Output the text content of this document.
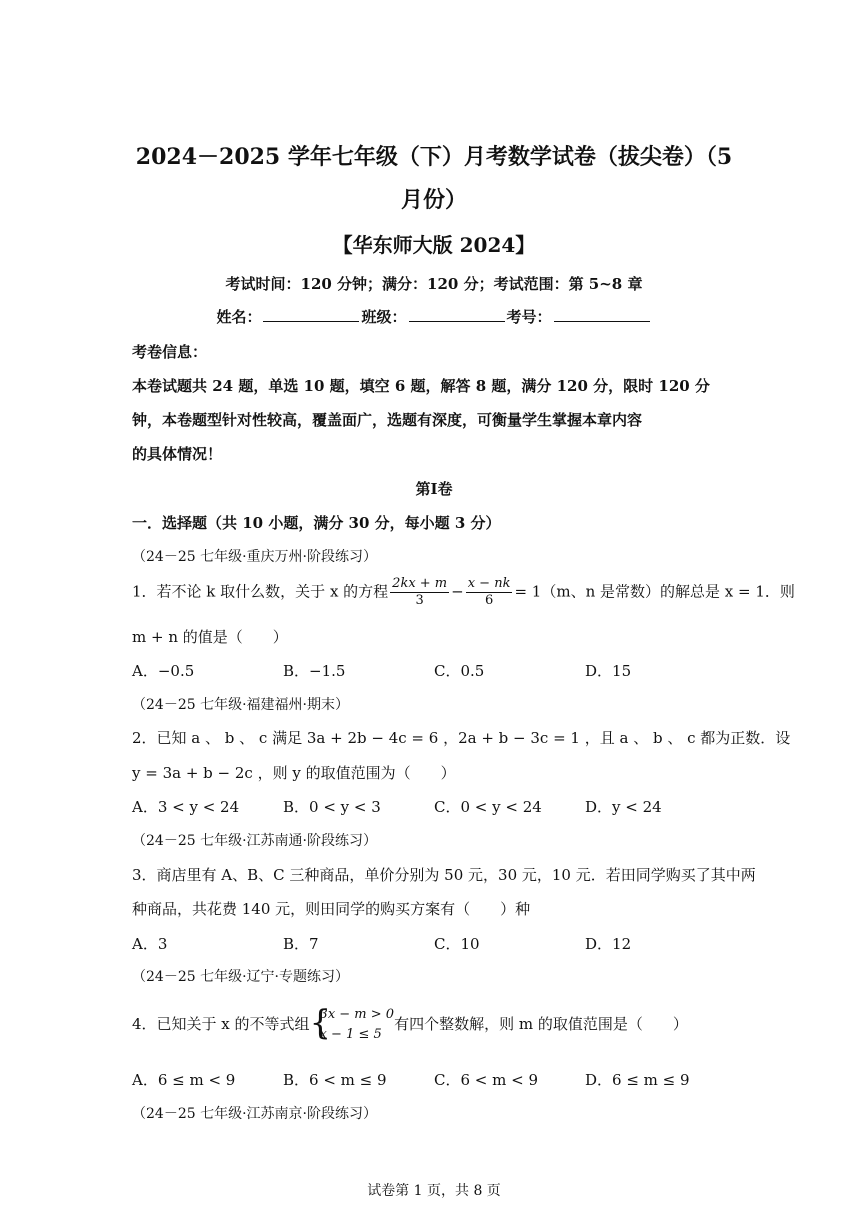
2024－2025 学年七年级（下）月考数学试卷（拔尖卷）（5
月份）
【华东师大版 2024】
考试时间：120 分钟；满分：120 分；考试范围：第 5~8 章
姓名：	班级：	考号：
考卷信息：
本卷试题共 24 题，单选 10 题，填空 6 题，解答 8 题，满分 120 分，限时 120 分
钟，本卷题型针对性较高，覆盖面广，选题有深度，可衡量学生掌握本章内容
的具体情况！
第Ⅰ卷
一．选择题（共 10 小题，满分 30 分，每小题 3 分）
（24－25 七年级·重庆万州·阶段练习）
1．若不论 k 取什么数，关于 x 的方程 $\frac{2kx + m}{3} - \frac{x - nk}{6} = 1(m$、n 是常数）的解总是 x = 1．则
m + n 的值是（　　）
A．−0.5	B．−1.5	C．0.5	D．15
（24－25 七年级·福建福州·期末）
2．已知 a 、 b 、 c 满足 3a + 2b − 4c = 6 ，2a + b − 3c = 1 ，且 a 、 b 、 c 都为正数．设
y = 3a + b − 2c ，则 y 的取值范围为（　　）
A．3 < y < 24	B．0 < y < 3	C．0 < y < 24	D．y < 24
（24－25 七年级·江苏南通·阶段练习）
3．商店里有 A、B、C 三种商品，单价分别为 50 元，30 元，10 元．若田同学购买了其中两
种商品，共花费 140 元，则田同学的购买方案有（　　）种
A．3	B．7	C．10	D．12
（24－25 七年级·辽宁·专题练习）
4．已知关于 x 的不等式组 {
3x − m > 0
x − 1 ≤ 5
有四个整数解，则 m 的取值范围是（　　）
A．6 ≤ m < 9	B．6 < m ≤ 9	C．6 < m < 9	D．6 ≤ m ≤ 9
（24－25 七年级·江苏南京·阶段练习）
试卷第 1 页，共 8 页
